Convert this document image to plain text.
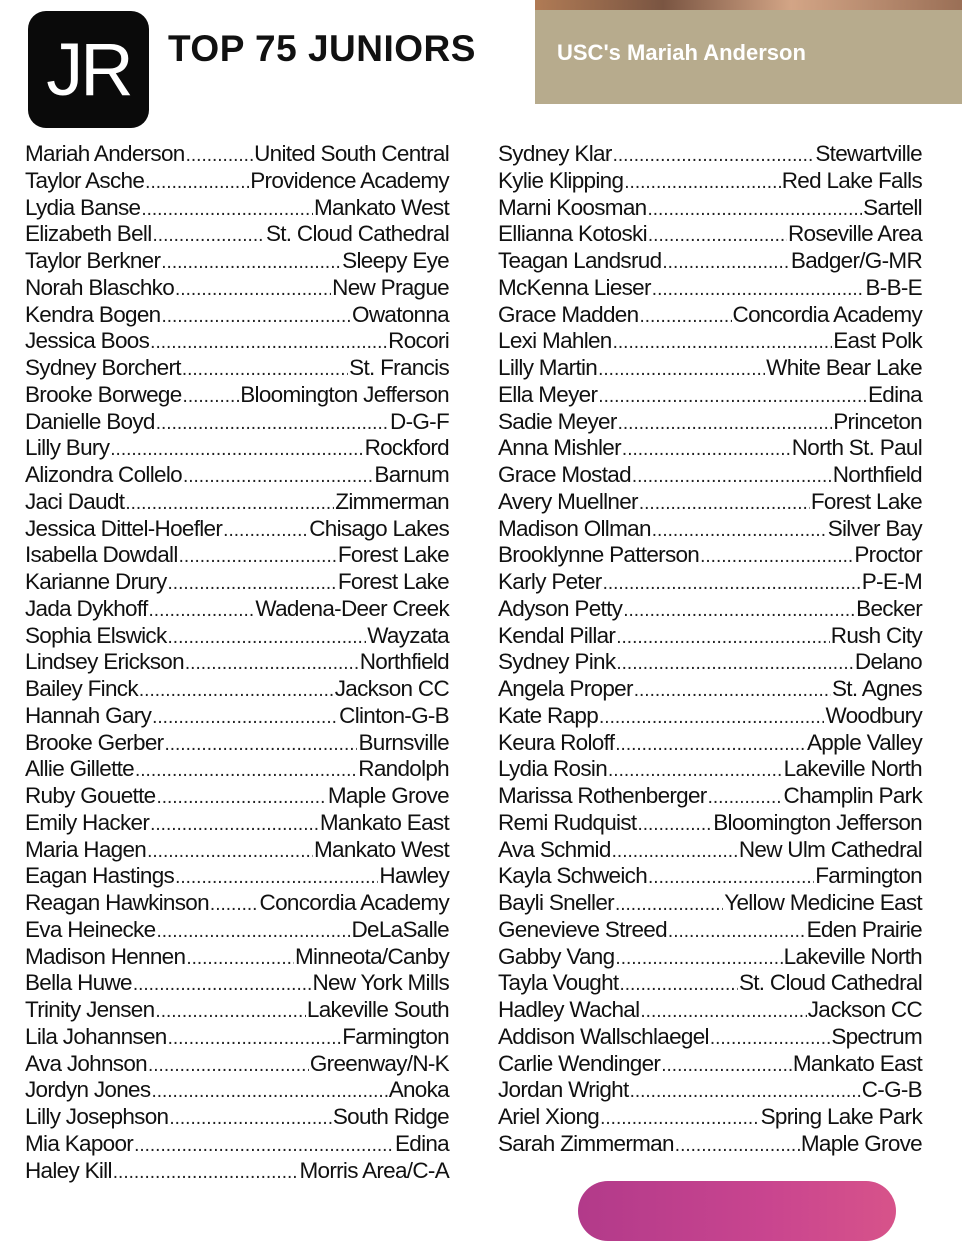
JR TOP 75 JUNIORS	USC's Mariah Anderson
Mariah Anderson .....	United South Central
Taylor Asche .....	Providence Academy
Lydia Banse .....	Mankato West
Elizabeth Bell .....	St. Cloud Cathedral
Taylor Berkner .....	Sleepy Eye
Norah Blaschko .....	New Prague
Kendra Bogen .....	Owatonna
Jessica Boos .....	Rocori
Sydney Borchert .....	St. Francis
Brooke Borwege .....	Bloomington Jefferson
Danielle Boyd .....	D-G-F
Lilly Bury .....	Rockford
Alizondra Collelo .....	Barnum
Jaci Daudt .....	Zimmerman
Jessica Dittel-Hoefler .....	Chisago Lakes
Isabella Dowdall .....	Forest Lake
Karianne Drury .....	Forest Lake
Jada Dykhoff .....	Wadena-Deer Creek
Sophia Elswick .....	Wayzata
Lindsey Erickson .....	Northfield
Bailey Finck .....	Jackson CC
Hannah Gary .....	Clinton-G-B
Brooke Gerber .....	Burnsville
Allie Gillette .....	Randolph
Ruby Gouette .....	Maple Grove
Emily Hacker .....	Mankato East
Maria Hagen .....	Mankato West
Eagan Hastings .....	Hawley
Reagan Hawkinson ..... Concordia Academy
Eva Heinecke .....	DeLaSalle
Madison Hennen .....	Minneota/Canby
Bella Huwe .....	New York Mills
Trinity Jensen .....	Lakeville South
Lila Johannsen .....	Farmington
Ava Johnson .....	Greenway/N-K
Jordyn Jones .....	Anoka
Lilly Josephson .....	South Ridge
Mia Kapoor .....	Edina
Haley Kill .....	Morris Area/C-A
Sydney Klar .....	Stewartville
Kylie Klipping .....	Red Lake Falls
Marni Koosman .....	Sartell
Ellianna Kotoski .....	Roseville Area
Teagan Landsrud .....	Badger/G-MR
McKenna Lieser .....	B-B-E
Grace Madden .....	Concordia Academy
Lexi Mahlen .....	East Polk
Lilly Martin .....	White Bear Lake
Ella Meyer .....	Edina
Sadie Meyer .....	Princeton
Anna Mishler .....	North St. Paul
Grace Mostad .....	Northfield
Avery Muellner .....	Forest Lake
Madison Ollman .....	Silver Bay
Brooklynne Patterson .....	Proctor
Karly Peter .....	P-E-M
Adyson Petty .....	Becker
Kendal Pillar .....	Rush City
Sydney Pink .....	Delano
Angela Proper .....	St. Agnes
Kate Rapp .....	Woodbury
Keura Roloff .....	Apple Valley
Lydia Rosin .....	Lakeville North
Marissa Rothenberger .....	Champlin Park
Remi Rudquist .....	Bloomington Jefferson
Ava Schmid .....	New Ulm Cathedral
Kayla Schweich .....	Farmington
Bayli Sneller .....	Yellow Medicine East
Genevieve Streed .....	Eden Prairie
Gabby Vang .....	Lakeville North
Tayla Vought .....	St. Cloud Cathedral
Hadley Wachal .....	Jackson CC
Addison Wallschlaegel .....	Spectrum
Carlie Wendinger .....	Mankato East
Jordan Wright .....	C-G-B
Ariel Xiong .....	Spring Lake Park
Sarah Zimmerman .....	Maple Grove
